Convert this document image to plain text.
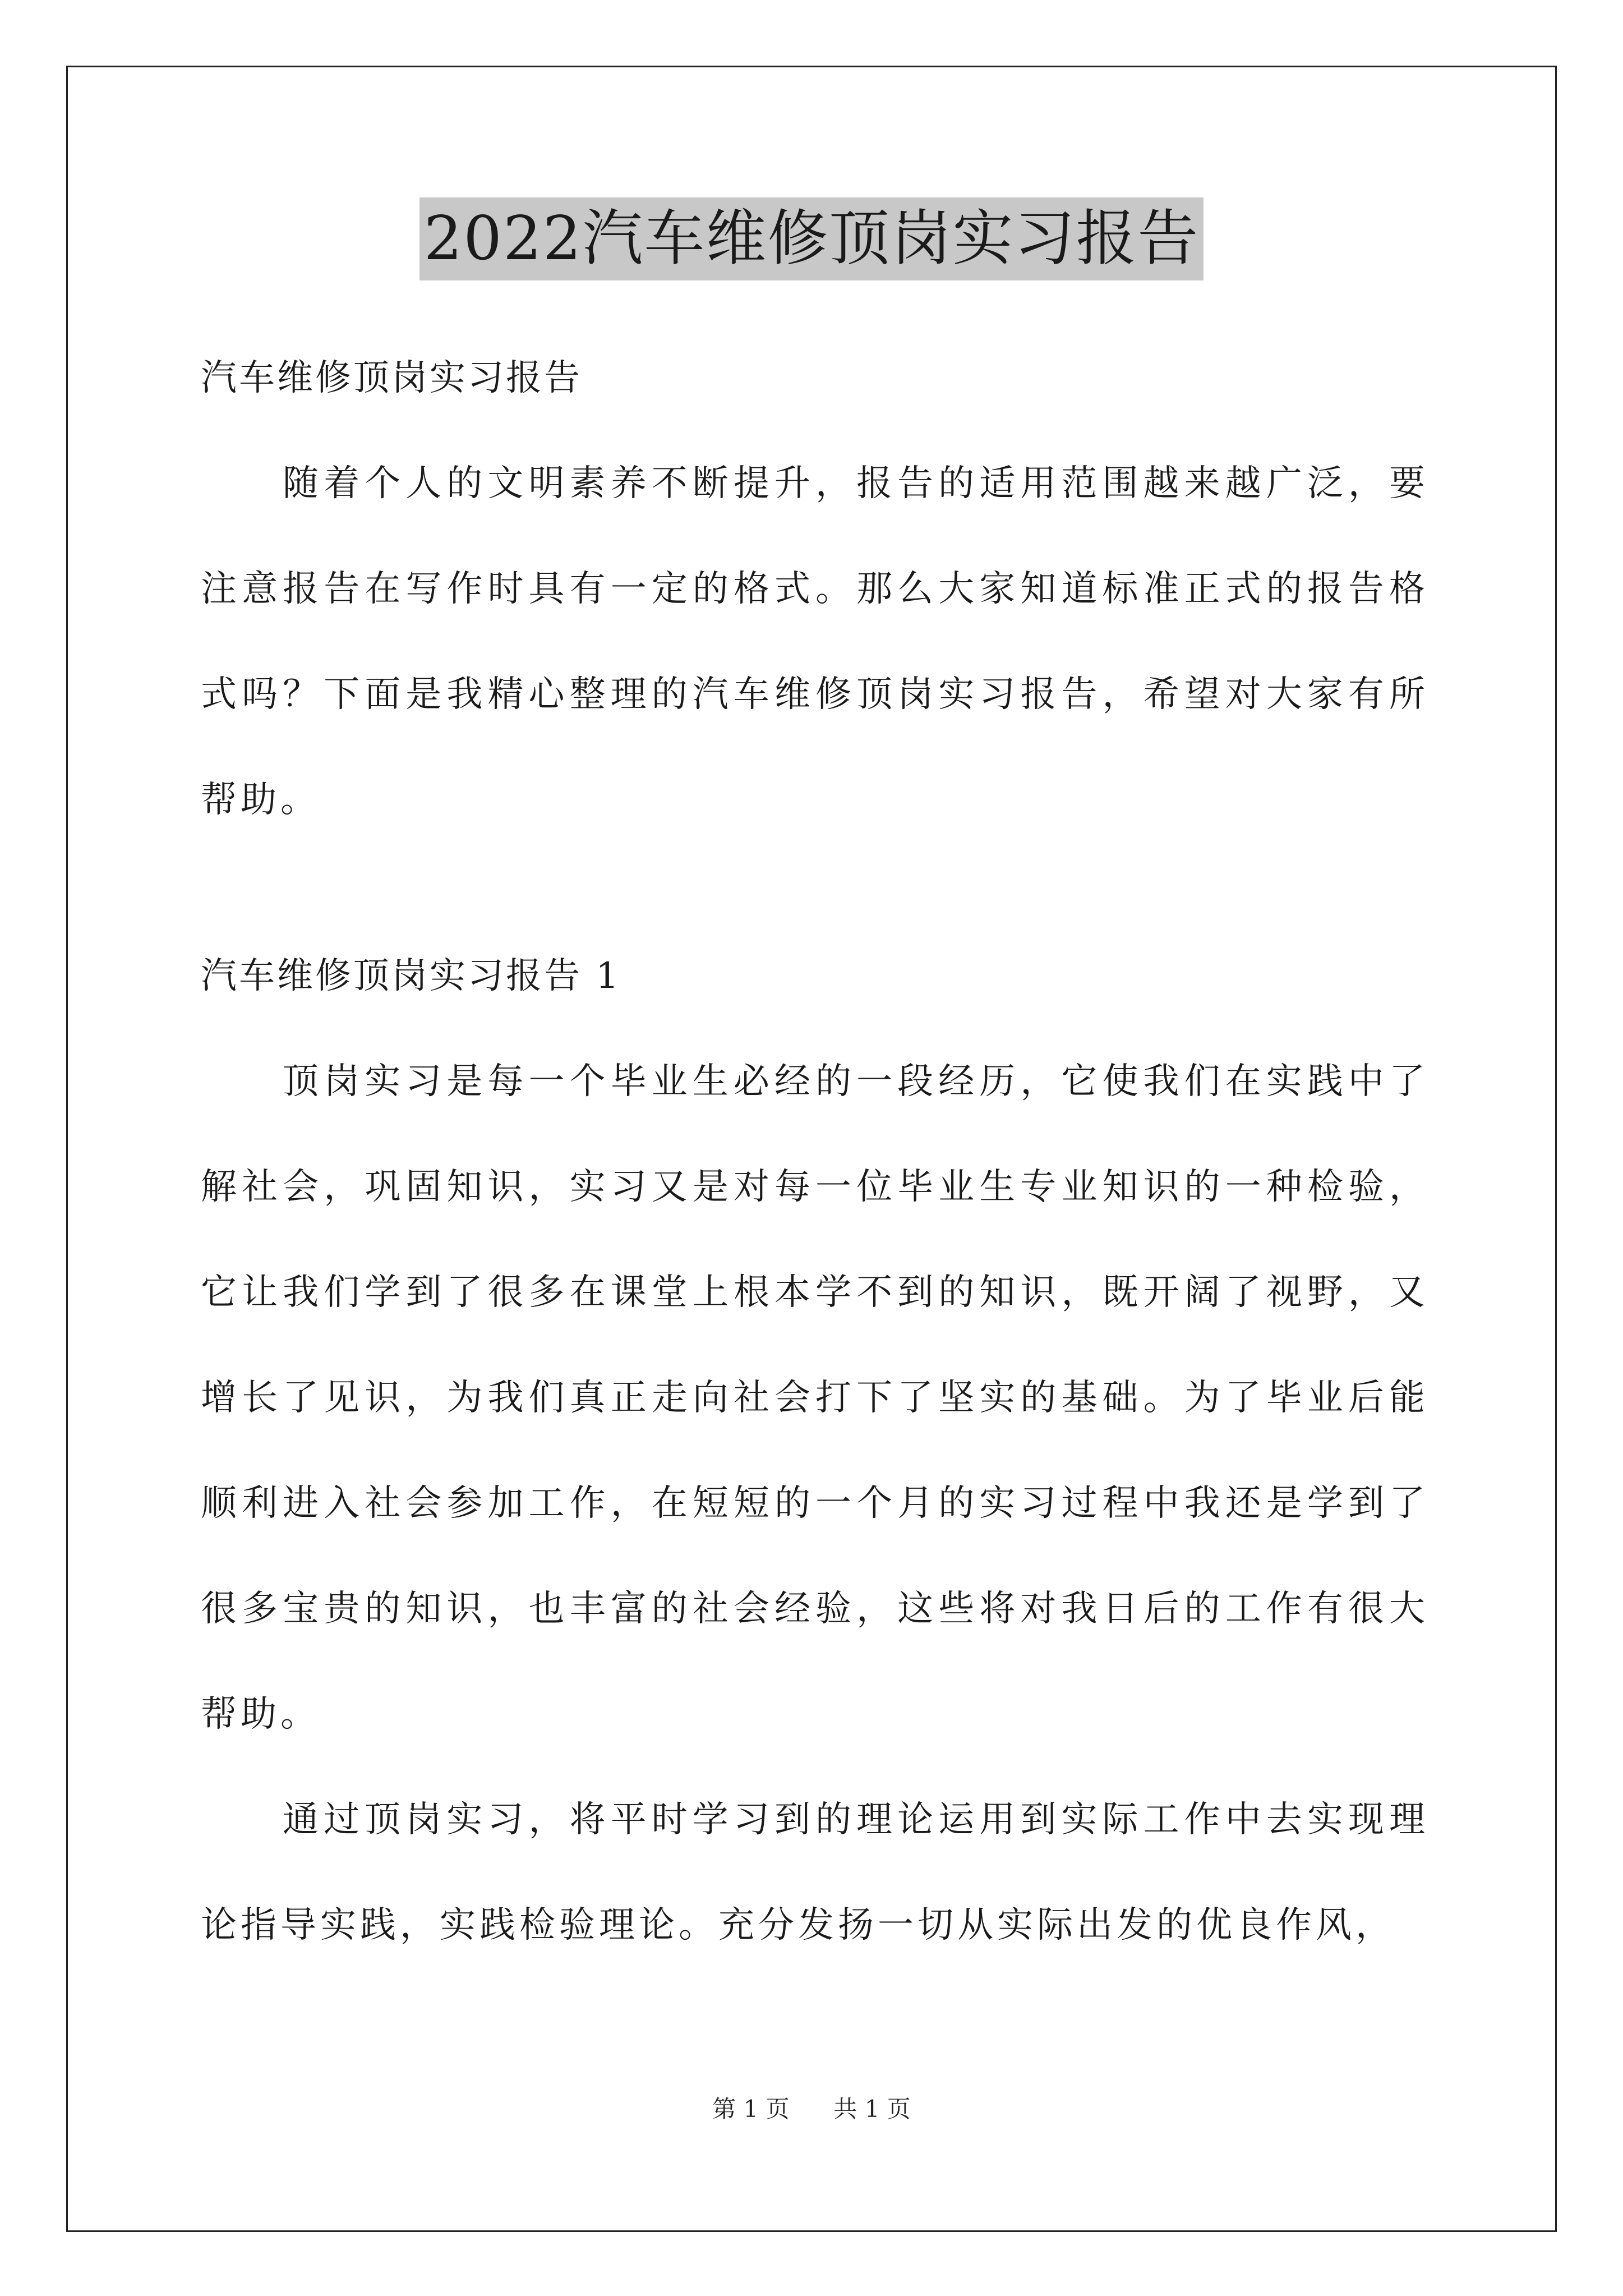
2022汽车维修顶岗实习报告

汽车维修顶岗实习报告

随着个人的文明素养不断提升，报告的适用范围越来越广泛，要注意报告在写作时具有一定的格式。那么大家知道标准正式的报告格式吗？下面是我精心整理的汽车维修顶岗实习报告，希望对大家有所帮助。

汽车维修顶岗实习报告 1

顶岗实习是每一个毕业生必经的一段经历，它使我们在实践中了解社会，巩固知识，实习又是对每一位毕业生专业知识的一种检验，它让我们学到了很多在课堂上根本学不到的知识，既开阔了视野，又增长了见识，为我们真正走向社会打下了坚实的基础。为了毕业后能顺利进入社会参加工作，在短短的一个月的实习过程中我还是学到了很多宝贵的知识，也丰富的社会经验，这些将对我日后的工作有很大帮助。

通过顶岗实习，将平时学习到的理论运用到实际工作中去实现理论指导实践，实践检验理论。充分发扬一切从实际出发的优良作风，

第 1 页 共 1 页
